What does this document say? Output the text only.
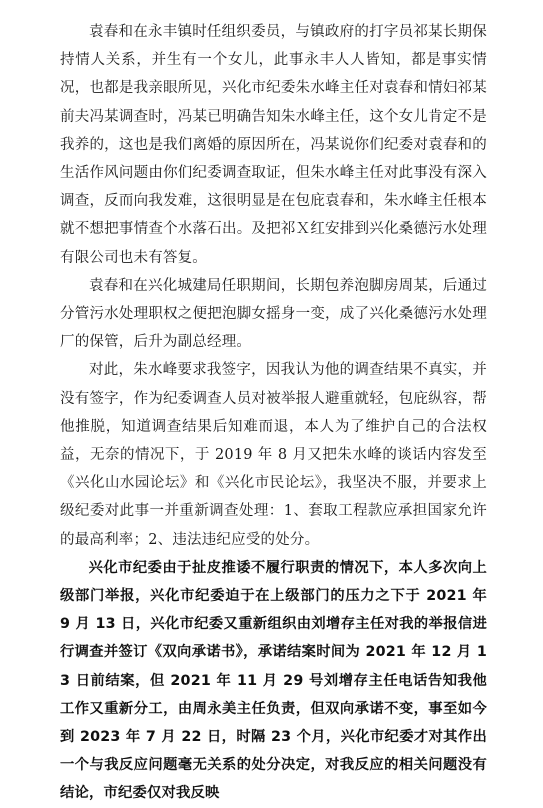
袁春和在永丰镇时任组织委员，与镇政府的打字员祁某长期保持情人关系，并生有一个女儿，此事永丰人人皆知，都是事实情况，也都是我亲眼所见，兴化市纪委朱水峰主任对袁春和情妇祁某前夫冯某调查时，冯某已明确告知朱水峰主任，这个女儿肯定不是我养的，这也是我们离婚的原因所在，冯某说你们纪委对袁春和的生活作风问题由你们纪委调查取证，但朱水峰主任对此事没有深入调查，反而向我发难，这很明显是在包庇袁春和，朱水峰主任根本就不想把事情查个水落石出。及把祁Ｘ红安排到兴化桑德污水处理有限公司也未有答复。

袁春和在兴化城建局任职期间，长期包养泡脚房周某，后通过分管污水处理职权之便把泡脚女摇身一变，成了兴化桑德污水处理厂的保管，后升为副总经理。

对此，朱水峰要求我签字，因我认为他的调查结果不真实，并没有签字，作为纪委调查人员对被举报人避重就轻，包庇纵容，帮他推脱，知道调查结果后知难而退，本人为了维护自己的合法权益，无奈的情况下，于 2019 年 8 月又把朱水峰的谈话内容发至《兴化山水园论坛》和《兴化市民论坛》，我坚决不服，并要求上级纪委对此事一并重新调查处理：1、套取工程款应承担国家允许的最高利率；2、违法违纪应受的处分。

兴化市纪委由于扯皮推诿不履行职责的情况下，本人多次向上级部门举报，兴化市纪委迫于在上级部门的压力之下于 2021 年 9 月 13 日，兴化市纪委又重新组织由刘增存主任对我的举报信进行调查并签订《双向承诺书》，承诺结案时间为 2021 年 12 月 13 日前结案，但 2021 年 11 月 29 号刘增存主任电话告知我他工作又重新分工，由周永美主任负责，但双向承诺不变，事至如今到 2023 年 7 月 22 日，时隔 23 个月，兴化市纪委才对其作出一个与我反应问题毫无关系的处分决定，对我反应的相关问题没有结论，市纪委仅对我反映
